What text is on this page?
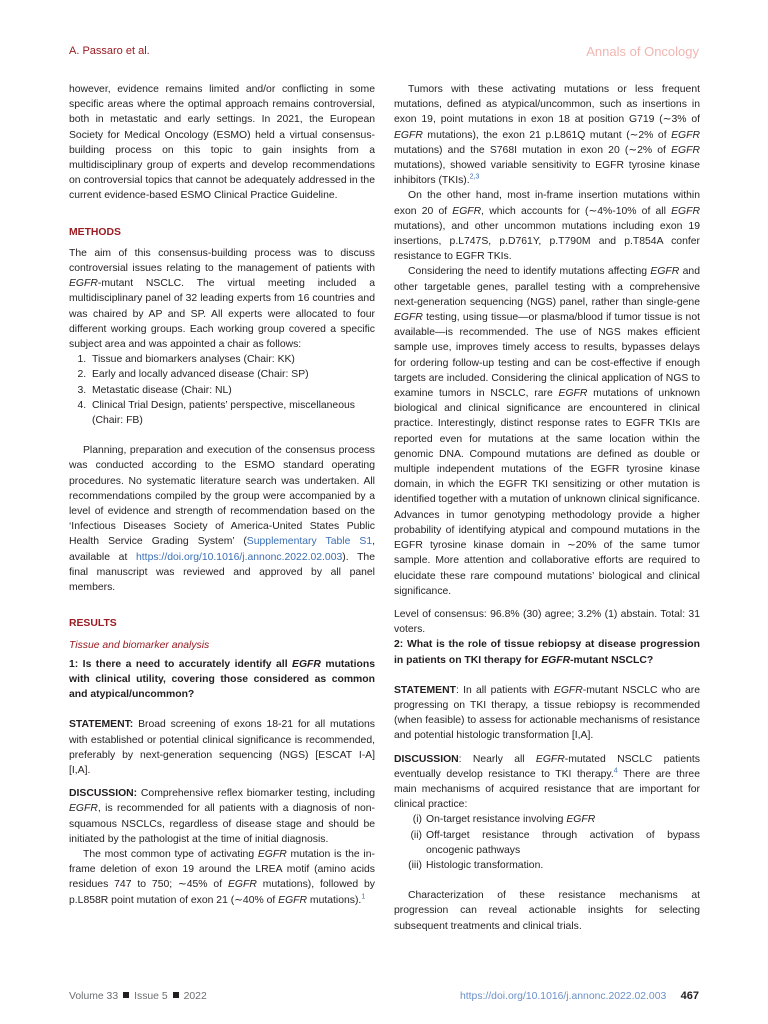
A. Passaro et al.	Annals of Oncology

however, evidence remains limited and/or conflicting in some specific areas where the optimal approach remains controversial, both in metastatic and early settings. In 2021, the European Society for Medical Oncology (ESMO) held a virtual consensus-building process on this topic to gain insights from a multidisciplinary group of experts and develop recommendations on controversial topics that cannot be adequately addressed in the current evidence-based ESMO Clinical Practice Guideline.

METHODS

The aim of this consensus-building process was to discuss controversial issues relating to the management of patients with EGFR-mutant NSCLC. The virtual meeting included a multidisciplinary panel of 32 leading experts from 16 countries and was chaired by AP and SP. All experts were allocated to four different working groups. Each working group covered a specific subject area and was appointed a chair as follows:

1. Tissue and biomarkers analyses (Chair: KK)
2. Early and locally advanced disease (Chair: SP)
3. Metastatic disease (Chair: NL)
4. Clinical Trial Design, patients’ perspective, miscellaneous (Chair: FB)

Planning, preparation and execution of the consensus process was conducted according to the ESMO standard operating procedures. No systematic literature search was undertaken. All recommendations compiled by the group were accompanied by a level of evidence and strength of recommendation based on the ‘Infectious Diseases Society of America-United States Public Health Service Grading System’ (Supplementary Table S1, available at https://doi.org/10.1016/j.annonc.2022.02.003). The final manuscript was reviewed and approved by all panel members.

RESULTS

Tissue and biomarker analysis

1: Is there a need to accurately identify all EGFR mutations with clinical utility, covering those considered as common and atypical/uncommon?

STATEMENT: Broad screening of exons 18-21 for all mutations with established or potential clinical significance is recommended, preferably by next-generation sequencing (NGS) [ESCAT I-A] [I,A].

DISCUSSION: Comprehensive reflex biomarker testing, including EGFR, is recommended for all patients with a diagnosis of non-squamous NSCLCs, regardless of disease stage and should be initiated by the pathologist at the time of initial diagnosis.

The most common type of activating EGFR mutation is the in-frame deletion of exon 19 around the LREA motif (amino acids residues 747 to 750; ∼45% of EGFR mutations), followed by p.L858R point mutation of exon 21 (∼40% of EGFR mutations).$^1$

Tumors with these activating mutations or less frequent mutations, defined as atypical/uncommon, such as insertions in exon 19, point mutations in exon 18 at position G719 (∼3% of EGFR mutations), the exon 21 p.L861Q mutant (∼2% of EGFR mutations) and the S768I mutation in exon 20 (∼2% of EGFR mutations), showed variable sensitivity to EGFR tyrosine kinase inhibitors (TKIs).$^{2,3}$

On the other hand, most in-frame insertion mutations within exon 20 of EGFR, which accounts for (∼4%-10% of all EGFR mutations), and other uncommon mutations including exon 19 insertions, p.L747S, p.D761Y, p.T790M and p.T854A confer resistance to EGFR TKIs.

Considering the need to identify mutations affecting EGFR and other targetable genes, parallel testing with a comprehensive next-generation sequencing (NGS) panel, rather than single-gene EGFR testing, using tissue—or plasma/blood if tumor tissue is not available—is recommended. The use of NGS makes efficient sample use, improves timely access to results, bypasses delays for ordering follow-up testing and can be cost-effective if enough targets are included. Considering the clinical application of NGS to examine tumors in NSCLC, rare EGFR mutations of unknown biological and clinical significance are encountered in clinical practice. Interestingly, distinct response rates to EGFR TKIs are reported even for mutations at the same location within the genomic DNA. Compound mutations are defined as double or multiple independent mutations of the EGFR tyrosine kinase domain, in which the EGFR TKI sensitizing or other mutation is identified together with a mutation of unknown clinical significance. Advances in tumor genotyping methodology provide a higher probability of identifying atypical and compound mutations in the EGFR tyrosine kinase domain in ∼20% of the same tumor sample. More attention and collaborative efforts are required to elucidate these rare compound mutations’ biological and clinical significance.

Level of consensus: 96.8% (30) agree; 3.2% (1) abstain. Total: 31 voters.

2: What is the role of tissue rebiopsy at disease progression in patients on TKI therapy for EGFR-mutant NSCLC?

STATEMENT: In all patients with EGFR-mutant NSCLC who are progressing on TKI therapy, a tissue rebiopsy is recommended (when feasible) to assess for actionable mechanisms of resistance and potential histologic transformation [I,A].

DISCUSSION: Nearly all EGFR-mutated NSCLC patients eventually develop resistance to TKI therapy.$^4$ There are three main mechanisms of acquired resistance that are important for clinical practice:

(i) On-target resistance involving EGFR
(ii) Off-target resistance through activation of bypass oncogenic pathways
(iii) Histologic transformation.

Characterization of these resistance mechanisms at progression can reveal actionable insights for selecting subsequent treatments and clinical trials.

Volume 33 Issue 5 2022	https://doi.org/10.1016/j.annonc.2022.02.003 467
